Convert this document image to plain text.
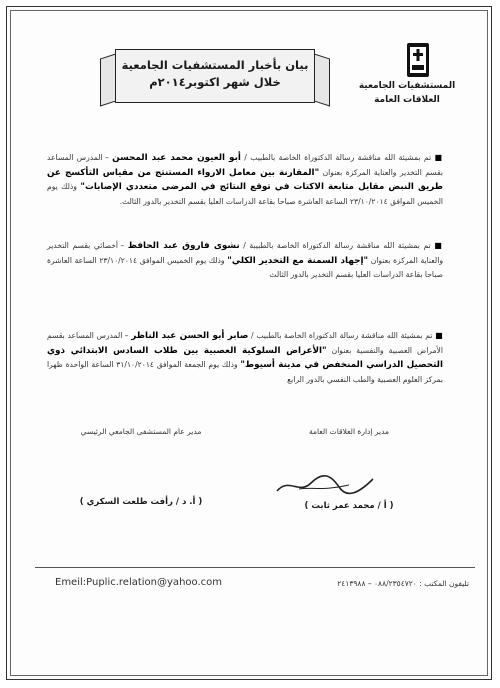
المستشفيات الجامعية
العلاقات العامة
بيان بأخبار المستشفيات الجامعية
خلال شهر اكتوبر٢٠١٤م
■ تم بمشيئة الله مناقشة رسالة الدكتوراة الخاصة بالطبيب / أبو العيون محمد عبد المحسن – المدرس المساعد بقسم التخدير والعناية المركزة بعنوان "المقارنة بين معامل الارواء المستنتج من مقياس التأكسج عن طريق النبض مقابل متابعة الاكتات في توقع النتائج في المرضى متعددي الإصابات" وذلك يوم الخميس الموافق ٢٣/١٠/٢٠١٤ الساعة العاشرة صباحا بقاعة الدراسات العليا بقسم التخدير بالدور الثالث.
■ تم بمشيئة الله مناقشة رسالة الدكتوراة الخاصة بالطبيبة / نشوى فاروق عبد الحافظ – أخصائي بقسم التخدير والعناية المركزة بعنوان "إجهاد السمنة مع التخدير الكلي" وذلك يوم الخميس الموافق ٢٣/١٠/٢٠١٤ الساعة العاشرة صباحا بقاعة الدراسات العليا بقسم التخدير بالدور الثالث
■ تم بمشيئة الله مناقشة رسالة الدكتوراة الخاصة بالطبيب / صابر أبو الحسن عبد الناظر – المدرس المساعد بقسم الأمراض العصبية والنفسية بعنوان "الأعراض السلوكية العصبية بين طلاب السادس الابتدائي ذوي التحصيل الدراسي المنخفض في مدينة أسيوط" وذلك يوم الجمعة الموافق ٣١/١٠/٢٠١٤ الساعة الواحدة ظهرا بمركز العلوم العصبية والطب النفسي بالدور الرابع
مدير إدارة العلاقات العامة
( أ / محمد عمر ثابت )
مدير عام المستشفى الجامعي الرئيسي
( أ. د / رأفت طلعت السكري )
Emeil:Puplic.relation@yahoo.com	تليفون المكتب : ٠٨٨/٢٣٥٤٧٢٠ – ٢٤١٣٩٨٨
